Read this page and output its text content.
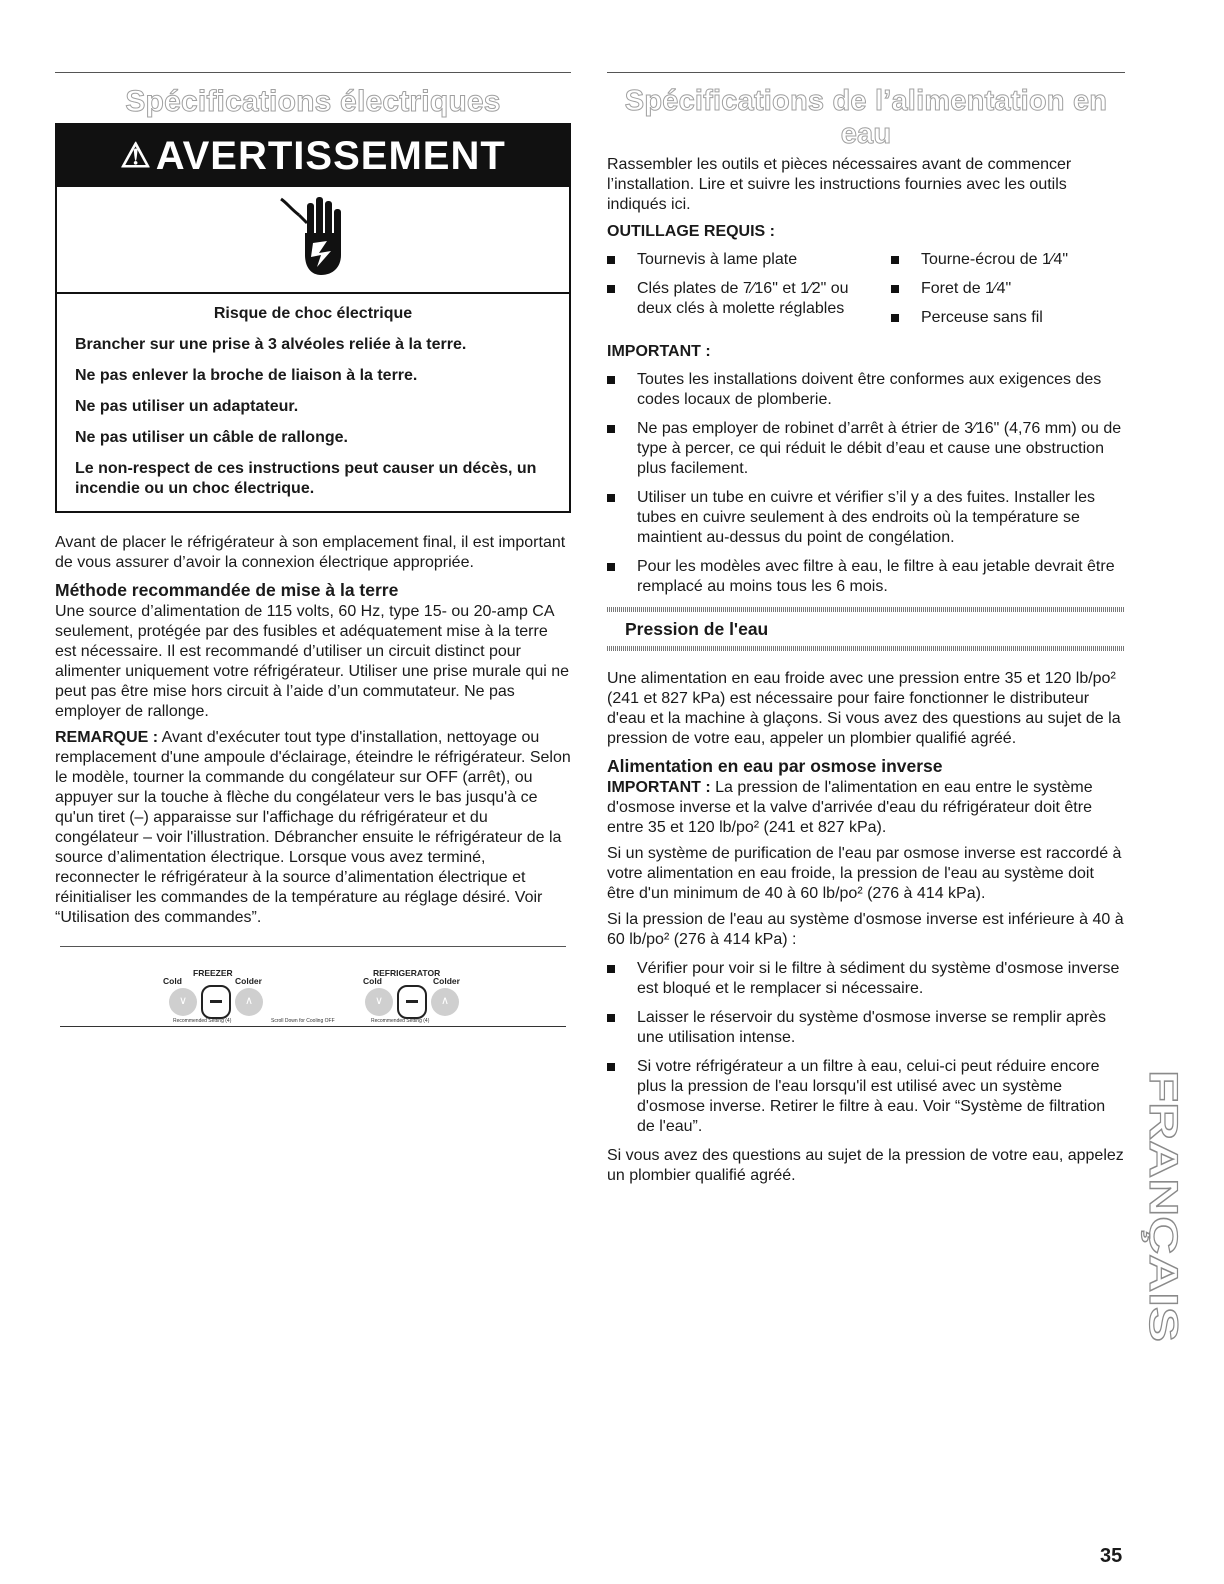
Spécifications électriques
⚠ AVERTISSEMENT

Risque de choc électrique

Brancher sur une prise à 3 alvéoles reliée à la terre.

Ne pas enlever la broche de liaison à la terre.

Ne pas utiliser un adaptateur.

Ne pas utiliser un câble de rallonge.

Le non-respect de ces instructions peut causer un décès, un incendie ou un choc électrique.

Avant de placer le réfrigérateur à son emplacement final, il est important de vous assurer d’avoir la connexion électrique appropriée.

Méthode recommandée de mise à la terre

Une source d’alimentation de 115 volts, 60 Hz, type 15- ou 20-amp CA seulement, protégée par des fusibles et adéquatement mise à la terre est nécessaire. Il est recommandé d’utiliser un circuit distinct pour alimenter uniquement votre réfrigérateur. Utiliser une prise murale qui ne peut pas être mise hors circuit à l’aide d’un commutateur. Ne pas employer de rallonge.

REMARQUE : Avant d'exécuter tout type d'installation, nettoyage ou remplacement d'une ampoule d'éclairage, éteindre le réfrigérateur. Selon le modèle, tourner la commande du congélateur sur OFF (arrêt), ou appuyer sur la touche à flèche du congélateur vers le bas jusqu'à ce qu'un tiret (–) apparaisse sur l'affichage du réfrigérateur et du congélateur – voir l'illustration. Débrancher ensuite le réfrigérateur de la source d’alimentation électrique. Lorsque vous avez terminé, reconnecter le réfrigérateur à la source d’alimentation électrique et réinitialiser les commandes de la température au réglage désiré. Voir “Utilisation des commandes”.

FREEZER
Cold	Colder
REFRIGERATOR
Cold	Colder
∨	∧	∨	∧
Recommended Setting (4)	Scroll Down for Cooling OFF	Recommended Setting (4)
Spécifications de l’alimentation en eau

Rassembler les outils et pièces nécessaires avant de commencer l’installation. Lire et suivre les instructions fournies avec les outils indiqués ici.

OUTILLAGE REQUIS :
Tournevis à lame plate
Clés plates de 7⁄16" et 1⁄2" ou deux clés à molette réglables
Tourne-écrou de 1⁄4"
Foret de 1⁄4"
Perceuse sans fil
IMPORTANT :
Toutes les installations doivent être conformes aux exigences des codes locaux de plomberie.
Ne pas employer de robinet d’arrêt à étrier de 3⁄16" (4,76 mm) ou de type à percer, ce qui réduit le débit d’eau et cause une obstruction plus facilement.
Utiliser un tube en cuivre et vérifier s’il y a des fuites. Installer les tubes en cuivre seulement à des endroits où la température se maintient au-dessus du point de congélation.
Pour les modèles avec filtre à eau, le filtre à eau jetable devrait être remplacé au moins tous les 6 mois.
Pression de l'eau

Une alimentation en eau froide avec une pression entre 35 et 120 lb/po² (241 et 827 kPa) est nécessaire pour faire fonctionner le distributeur d'eau et la machine à glaçons. Si vous avez des questions au sujet de la pression de votre eau, appeler un plombier qualifié agréé.

Alimentation en eau par osmose inverse

IMPORTANT : La pression de l'alimentation en eau entre le système d'osmose inverse et la valve d'arrivée d'eau du réfrigérateur doit être entre 35 et 120 lb/po² (241 et 827 kPa).

Si un système de purification de l'eau par osmose inverse est raccordé à votre alimentation en eau froide, la pression de l'eau au système doit être d'un minimum de 40 à 60 lb/po² (276 à 414 kPa).

Si la pression de l'eau au système d'osmose inverse est inférieure à 40 à 60 lb/po² (276 à 414 kPa) :

Vérifier pour voir si le filtre à sédiment du système d'osmose inverse est bloqué et le remplacer si nécessaire.
Laisser le réservoir du système d'osmose inverse se remplir après une utilisation intense.
Si votre réfrigérateur a un filtre à eau, celui-ci peut réduire encore plus la pression de l'eau lorsqu'il est utilisé avec un système d'osmose inverse. Retirer le filtre à eau. Voir “Système de filtration de l'eau”.

Si vous avez des questions au sujet de la pression de votre eau, appelez un plombier qualifié agréé.	FRANÇAIS
35
